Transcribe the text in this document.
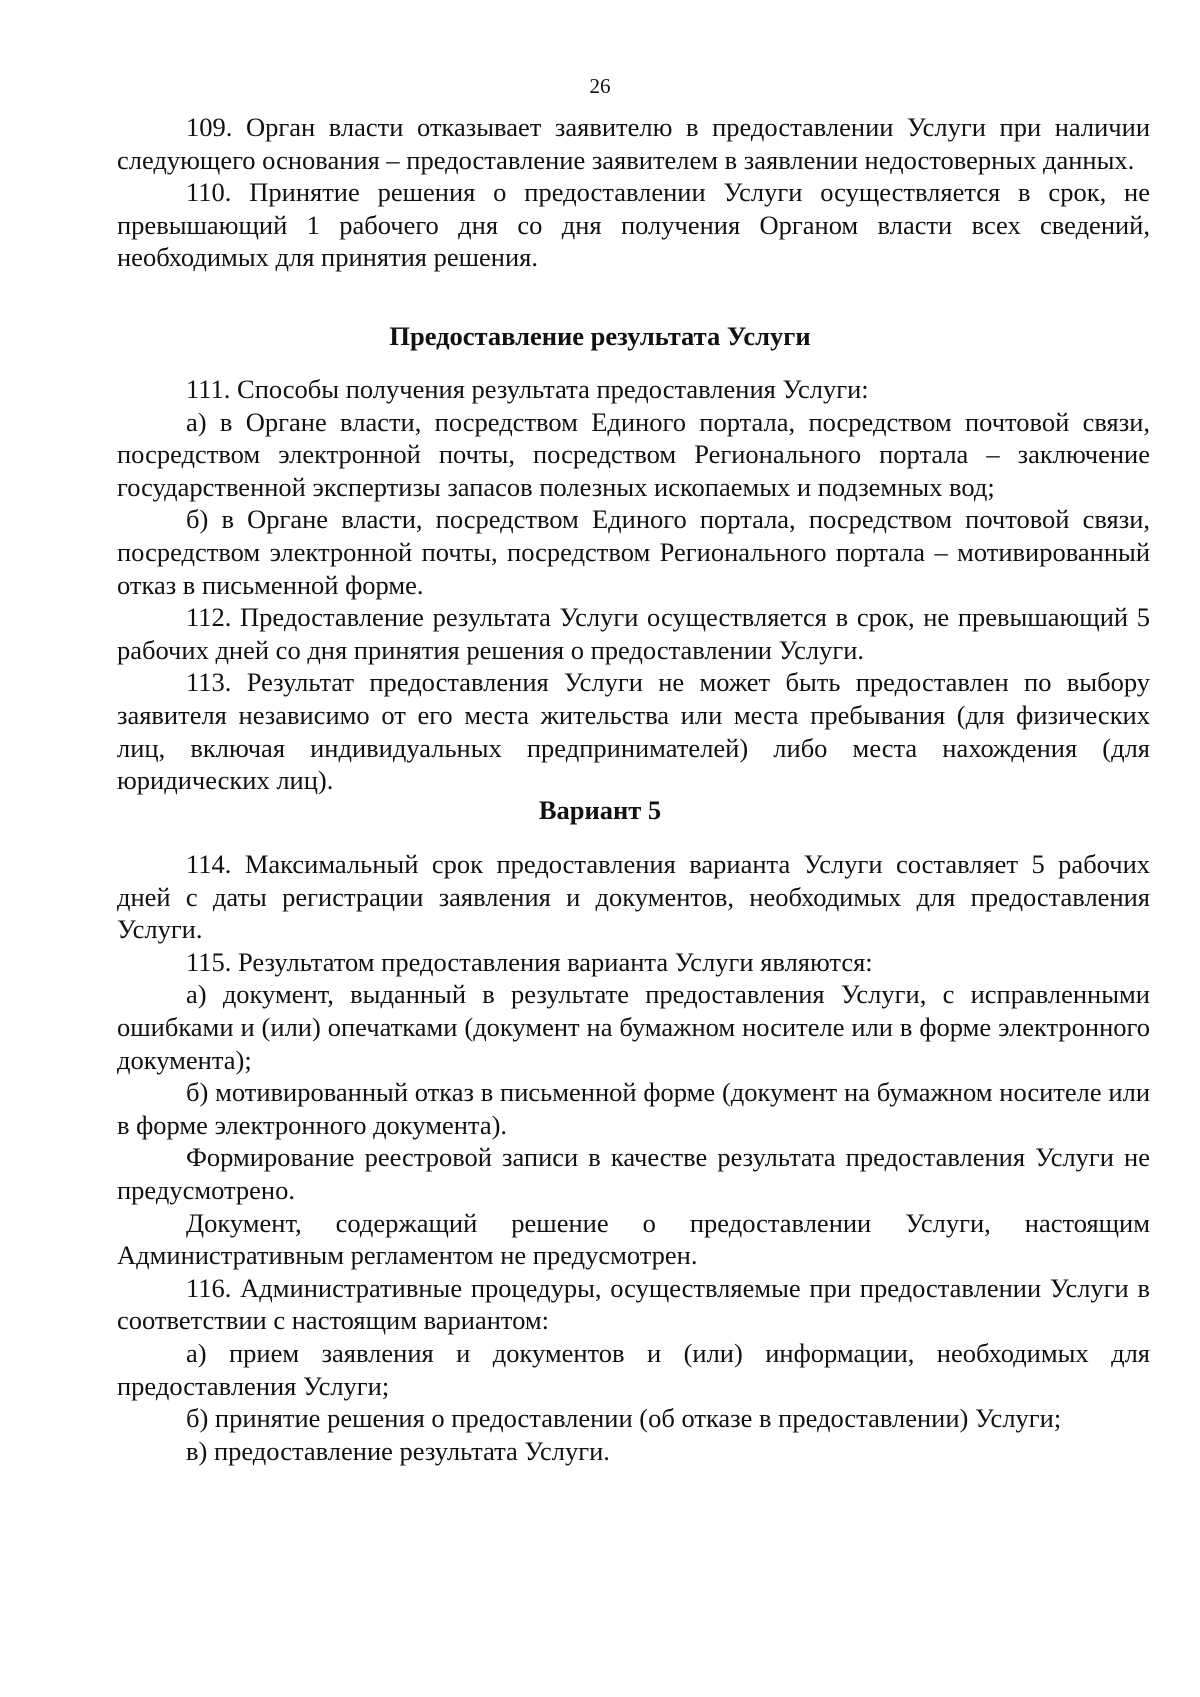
26

109. Орган власти отказывает заявителю в предоставлении Услуги при наличии следующего основания – предоставление заявителем в заявлении недостоверных данных.

110. Принятие решения о предоставлении Услуги осуществляется в срок, не превышающий 1 рабочего дня со дня получения Органом власти всех сведений, необходимых для принятия решения.

Предоставление результата Услуги

111. Способы получения результата предоставления Услуги:

а) в Органе власти, посредством Единого портала, посредством почтовой связи, посредством электронной почты, посредством Регионального портала – заключение государственной экспертизы запасов полезных ископаемых и подземных вод;

б) в Органе власти, посредством Единого портала, посредством почтовой связи, посредством электронной почты, посредством Регионального портала – мотивированный отказ в письменной форме.

112. Предоставление результата Услуги осуществляется в срок, не превышающий 5 рабочих дней со дня принятия решения о предоставлении Услуги.

113. Результат предоставления Услуги не может быть предоставлен по выбору заявителя независимо от его места жительства или места пребывания (для физических лиц, включая индивидуальных предпринимателей) либо места нахождения (для юридических лиц).

Вариант 5

114. Максимальный срок предоставления варианта Услуги составляет 5 рабочих дней с даты регистрации заявления и документов, необходимых для предоставления Услуги.

115. Результатом предоставления варианта Услуги являются:

а) документ, выданный в результате предоставления Услуги, с исправленными ошибками и (или) опечатками (документ на бумажном носителе или в форме электронного документа);

б) мотивированный отказ в письменной форме (документ на бумажном носителе или в форме электронного документа).

Формирование реестровой записи в качестве результата предоставления Услуги не предусмотрено.

Документ, содержащий решение о предоставлении Услуги, настоящим Административным регламентом не предусмотрен.

116. Административные процедуры, осуществляемые при предоставлении Услуги в соответствии с настоящим вариантом:

а) прием заявления и документов и (или) информации, необходимых для предоставления Услуги;

б) принятие решения о предоставлении (об отказе в предоставлении) Услуги;

в) предоставление результата Услуги.
